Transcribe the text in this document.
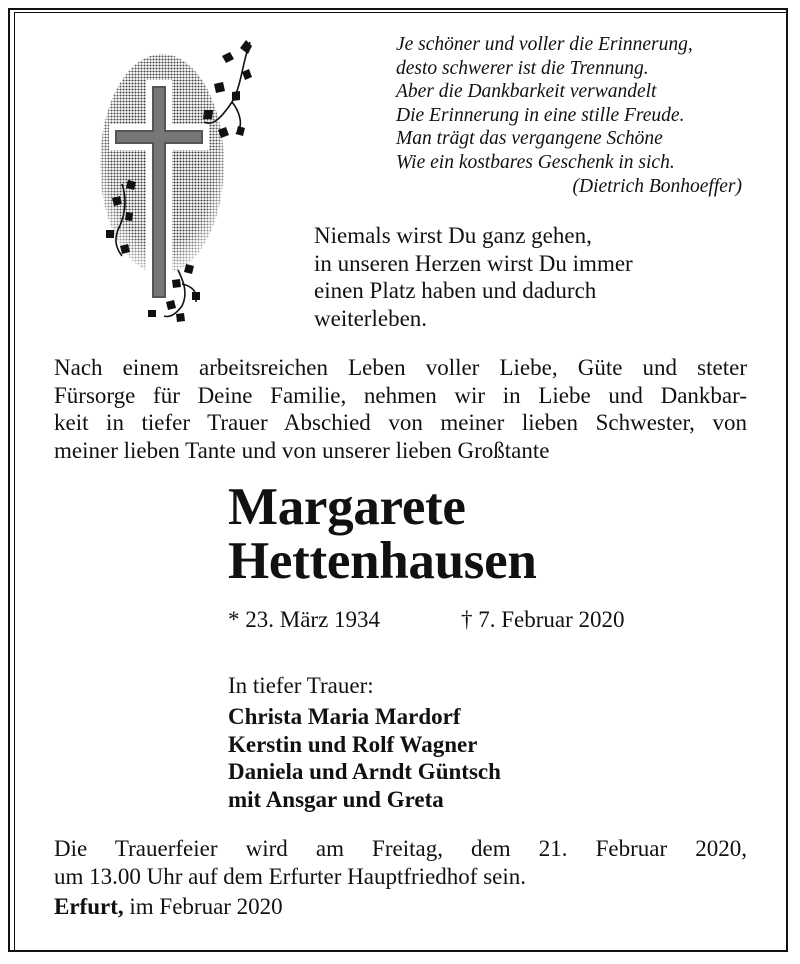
Je schöner und voller die Erinnerung,
desto schwerer ist die Trennung.
Aber die Dankbarkeit verwandelt
Die Erinnerung in eine stille Freude.
Man trägt das vergangene Schöne
Wie ein kostbares Geschenk in sich.
(Dietrich Bonhoeffer)
Niemals wirst Du ganz gehen,
in unseren Herzen wirst Du immer
einen Platz haben und dadurch
weiterleben.
Nach einem arbeitsreichen Leben voller Liebe, Güte und steter
Fürsorge für Deine Familie, nehmen wir in Liebe und Dankbar-
keit in tiefer Trauer Abschied von meiner lieben Schwester, von
meiner lieben Tante und von unserer lieben Großtante
Margarete
Hettenhausen
* 23. März 1934	† 7. Februar 2020
In tiefer Trauer:
Christa Maria Mardorf
Kerstin und Rolf Wagner
Daniela und Arndt Güntsch
mit Ansgar und Greta
Die Trauerfeier wird am Freitag, dem 21. Februar 2020,
um 13.00 Uhr auf dem Erfurter Hauptfriedhof sein.
Erfurt, im Februar 2020
